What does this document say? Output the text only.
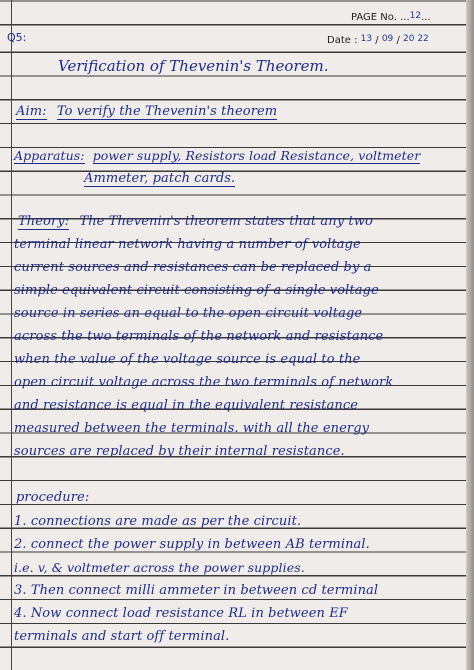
PAGE No. ...12...
Q5:	Date : 13 / 09 / 20 22
Verification of Thevenin's Theorem.
Aim: To verify the Thevenin's theorem
Apparatus: power supply, Resistors load Resistance, voltmeter
Ammeter, patch cards.
Theory: The Thevenin's theorem states that any two
terminal linear network having a number of voltage
current sources and resistances can be replaced by a
simple equivalent circuit consisting of a single voltage
source in series an equal to the open circuit voltage
across the two terminals of the network and resistance
when the value of the voltage source is equal to the
open circuit voltage across the two terminals of network
and resistance is equal in the equivalent resistance
measured between the terminals. with all the energy
sources are replaced by their internal resistance.
procedure:
1. connections are made as per the circuit.
2. connect the power supply in between AB terminal.
i.e. v, & voltmeter across the power supplies.
3. Then connect milli ammeter in between cd terminal
4. Now connect load resistance RL in between EF
terminals and start off terminal.
